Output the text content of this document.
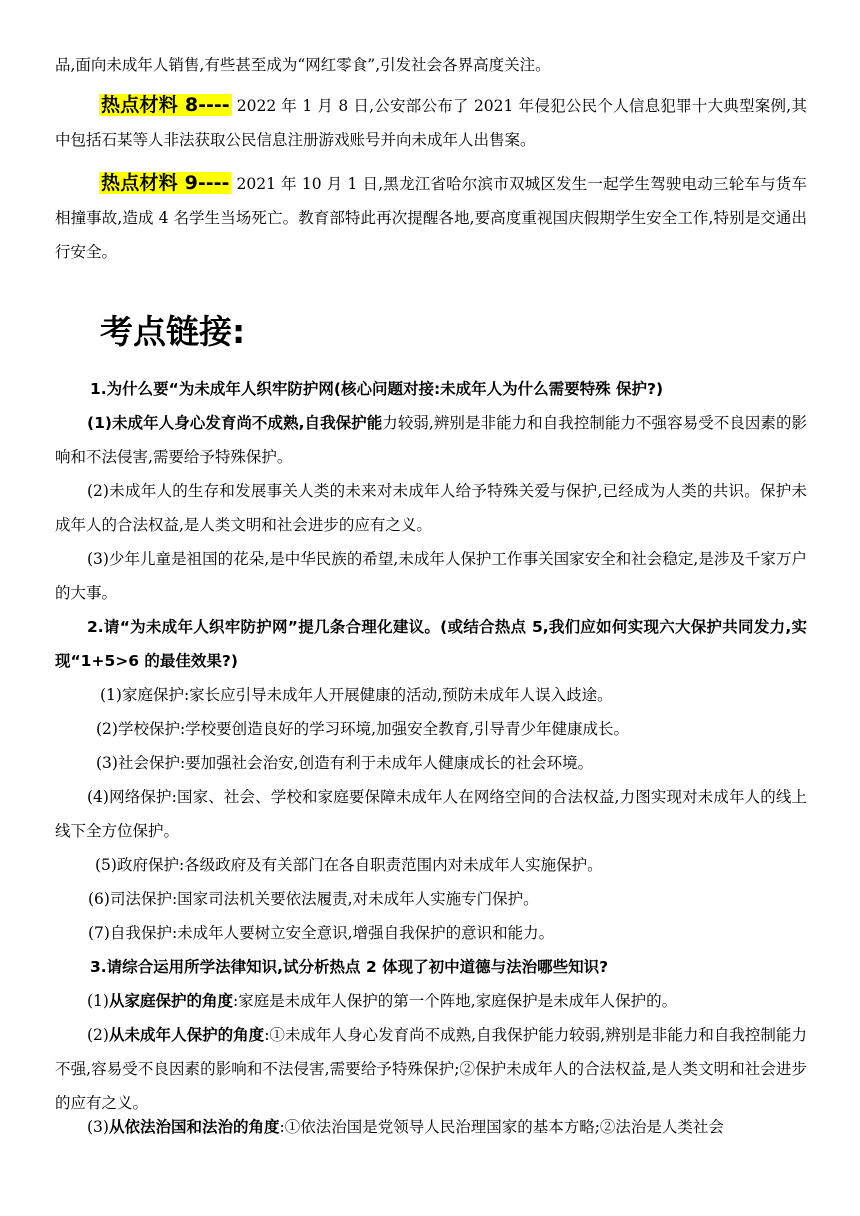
品,面向未成年人销售,有些甚至成为“网红零食”,引发社会各界高度关注。
热点材料 8---- 2022 年 1 月 8 日,公安部公布了 2021 年侵犯公民个人信息犯罪十大典型案例,其中包括石某等人非法获取公民信息注册游戏账号并向未成年人出售案。
热点材料 9---- 2021 年 10 月 1 日,黑龙江省哈尔滨市双城区发生一起学生驾驶电动三轮车与货车相撞事故,造成 4 名学生当场死亡。教育部特此再次提醒各地,要高度重视国庆假期学生安全工作,特别是交通出行安全。
考点链接:
1.为什么要“为未成年人织牢防护网(核心问题对接:未成年人为什么需要特殊 保护?)
(1)未成年人身心发育尚不成熟,自我保护能力较弱,辨别是非能力和自我控制能力不强容易受不良因素的影响和不法侵害,需要给予特殊保护。
(2)未成年人的生存和发展事关人类的未来对未成年人给予特殊关爱与保护,已经成为人类的共识。保护未成年人的合法权益,是人类文明和社会进步的应有之义。
(3)少年儿童是祖国的花朵,是中华民族的希望,未成年人保护工作事关国家安全和社会稳定,是涉及千家万户的大事。
2.请“为未成年人织牢防护网”提几条合理化建议。(或结合热点 5,我们应如何实现六大保护共同发力,实现“1+5>6 的最佳效果?)
(1)家庭保护:家长应引导未成年人开展健康的活动,预防未成年人误入歧途。
(2)学校保护:学校要创造良好的学习环境,加强安全教育,引导青少年健康成长。
(3)社会保护:要加强社会治安,创造有利于未成年人健康成长的社会环境。
(4)网络保护:国家、社会、学校和家庭要保障未成年人在网络空间的合法权益,力图实现对未成年人的线上线下全方位保护。
(5)政府保护:各级政府及有关部门在各自职责范围内对未成年人实施保护。
(6)司法保护:国家司法机关要依法履责,对未成年人实施专门保护。
(7)自我保护:未成年人要树立安全意识,增强自我保护的意识和能力。
3.请综合运用所学法律知识,试分析热点 2 体现了初中道德与法治哪些知识?
(1)从家庭保护的角度:家庭是未成年人保护的第一个阵地,家庭保护是未成年人保护的。
(2)从未成年人保护的角度:①未成年人身心发育尚不成熟,自我保护能力较弱,辨别是非能力和自我控制能力不强,容易受不良因素的影响和不法侵害,需要给予特殊保护;②保护未成年人的合法权益,是人类文明和社会进步的应有之义。
(3)从依法治国和法治的角度:①依法治国是党领导人民治理国家的基本方略;②法治是人类社会
